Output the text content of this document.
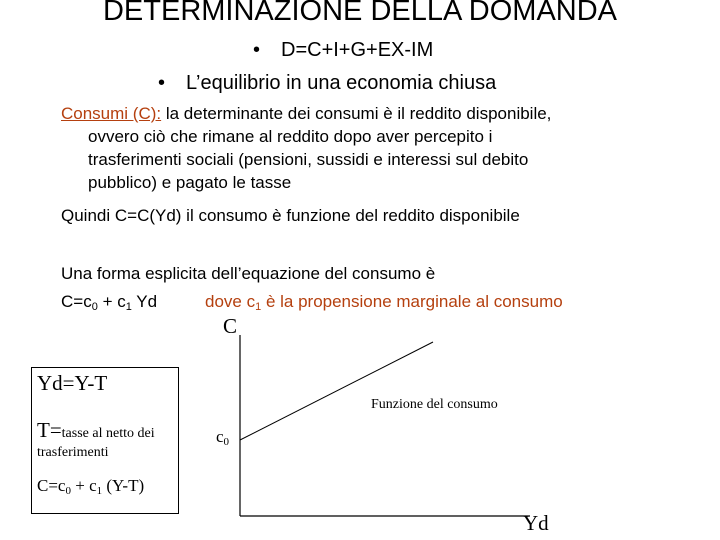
DETERMINAZIONE DELLA DOMANDA
• D=C+I+G+EX-IM
• L’equilibrio in una economia chiusa
Consumi (C): la determinante dei consumi è il reddito disponibile,
ovvero ciò che rimane al reddito dopo aver percepito i
trasferimenti sociali (pensioni, sussidi e interessi sul debito
pubblico) e pagato le tasse
Quindi C=C(Yd) il consumo è funzione del reddito disponibile
Una forma esplicita dell’equazione del consumo è
$C=c_0 + c_1$ Yd	dove $c_1$ è la propensione marginale al consumo
Yd=Y-T
T=tasse al netto dei
trasferimenti
$C=c_0 + c_1$ (Y-T)
C
Yd
$c_0$
Funzione del consumo
